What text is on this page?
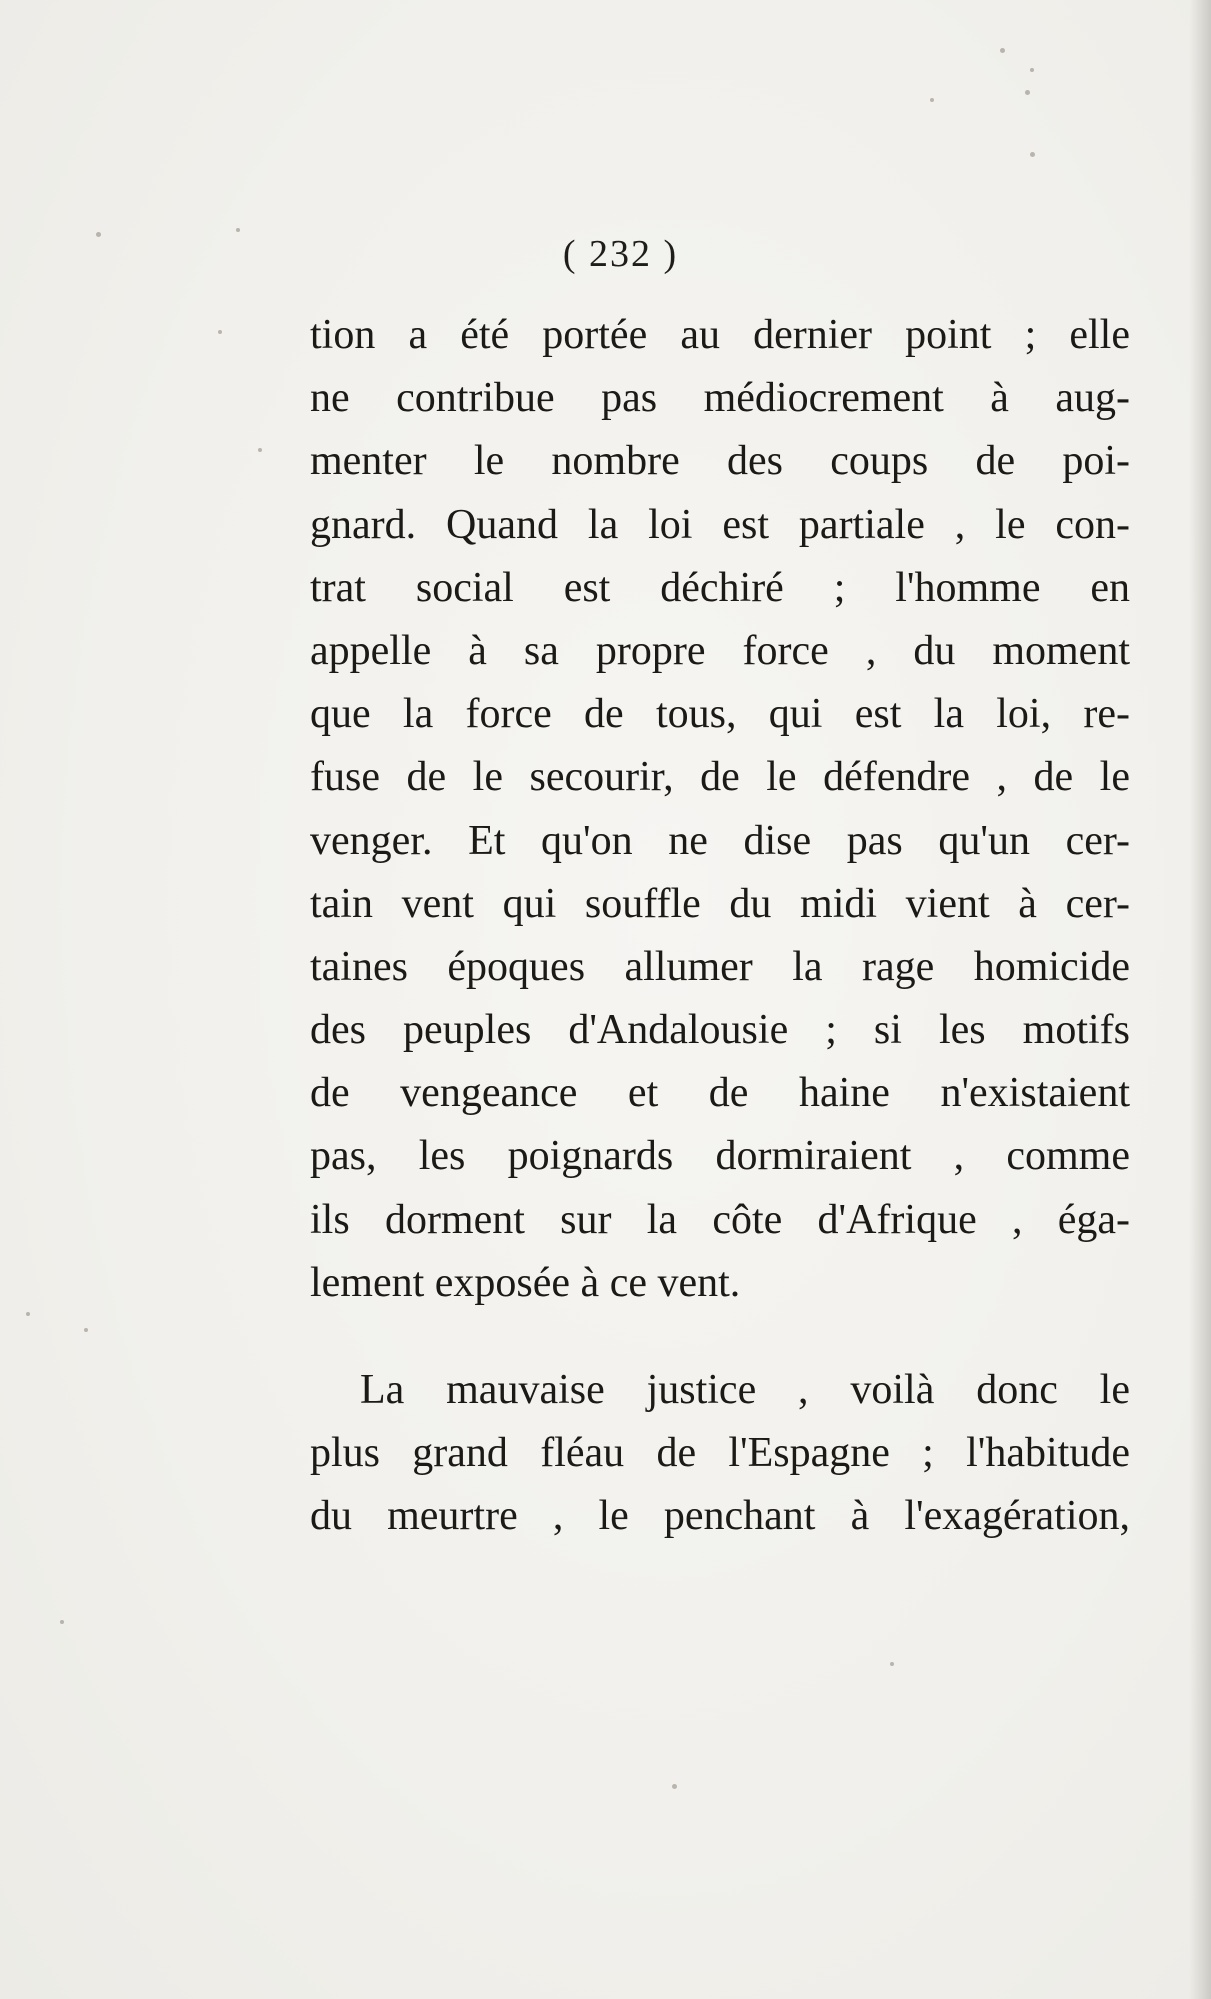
( 232 )
tion a été portée au dernier point ; elle
ne contribue pas médiocrement à aug-
menter le nombre des coups de poi-
gnard. Quand la loi est partiale , le con-
trat social est déchiré ; l'homme en
appelle à sa propre force , du moment
que la force de tous, qui est la loi, re-
fuse de le secourir, de le défendre , de le
venger. Et qu'on ne dise pas qu'un cer-
tain vent qui souffle du midi vient à cer-
taines époques allumer la rage homicide
des peuples d'Andalousie ; si les motifs
de vengeance et de haine n'existaient
pas, les poignards dormiraient , comme
ils dorment sur la côte d'Afrique , éga-
lement exposée à ce vent.
La mauvaise justice , voilà donc le
plus grand fléau de l'Espagne ; l'habitude
du meurtre , le penchant à l'exagération,
